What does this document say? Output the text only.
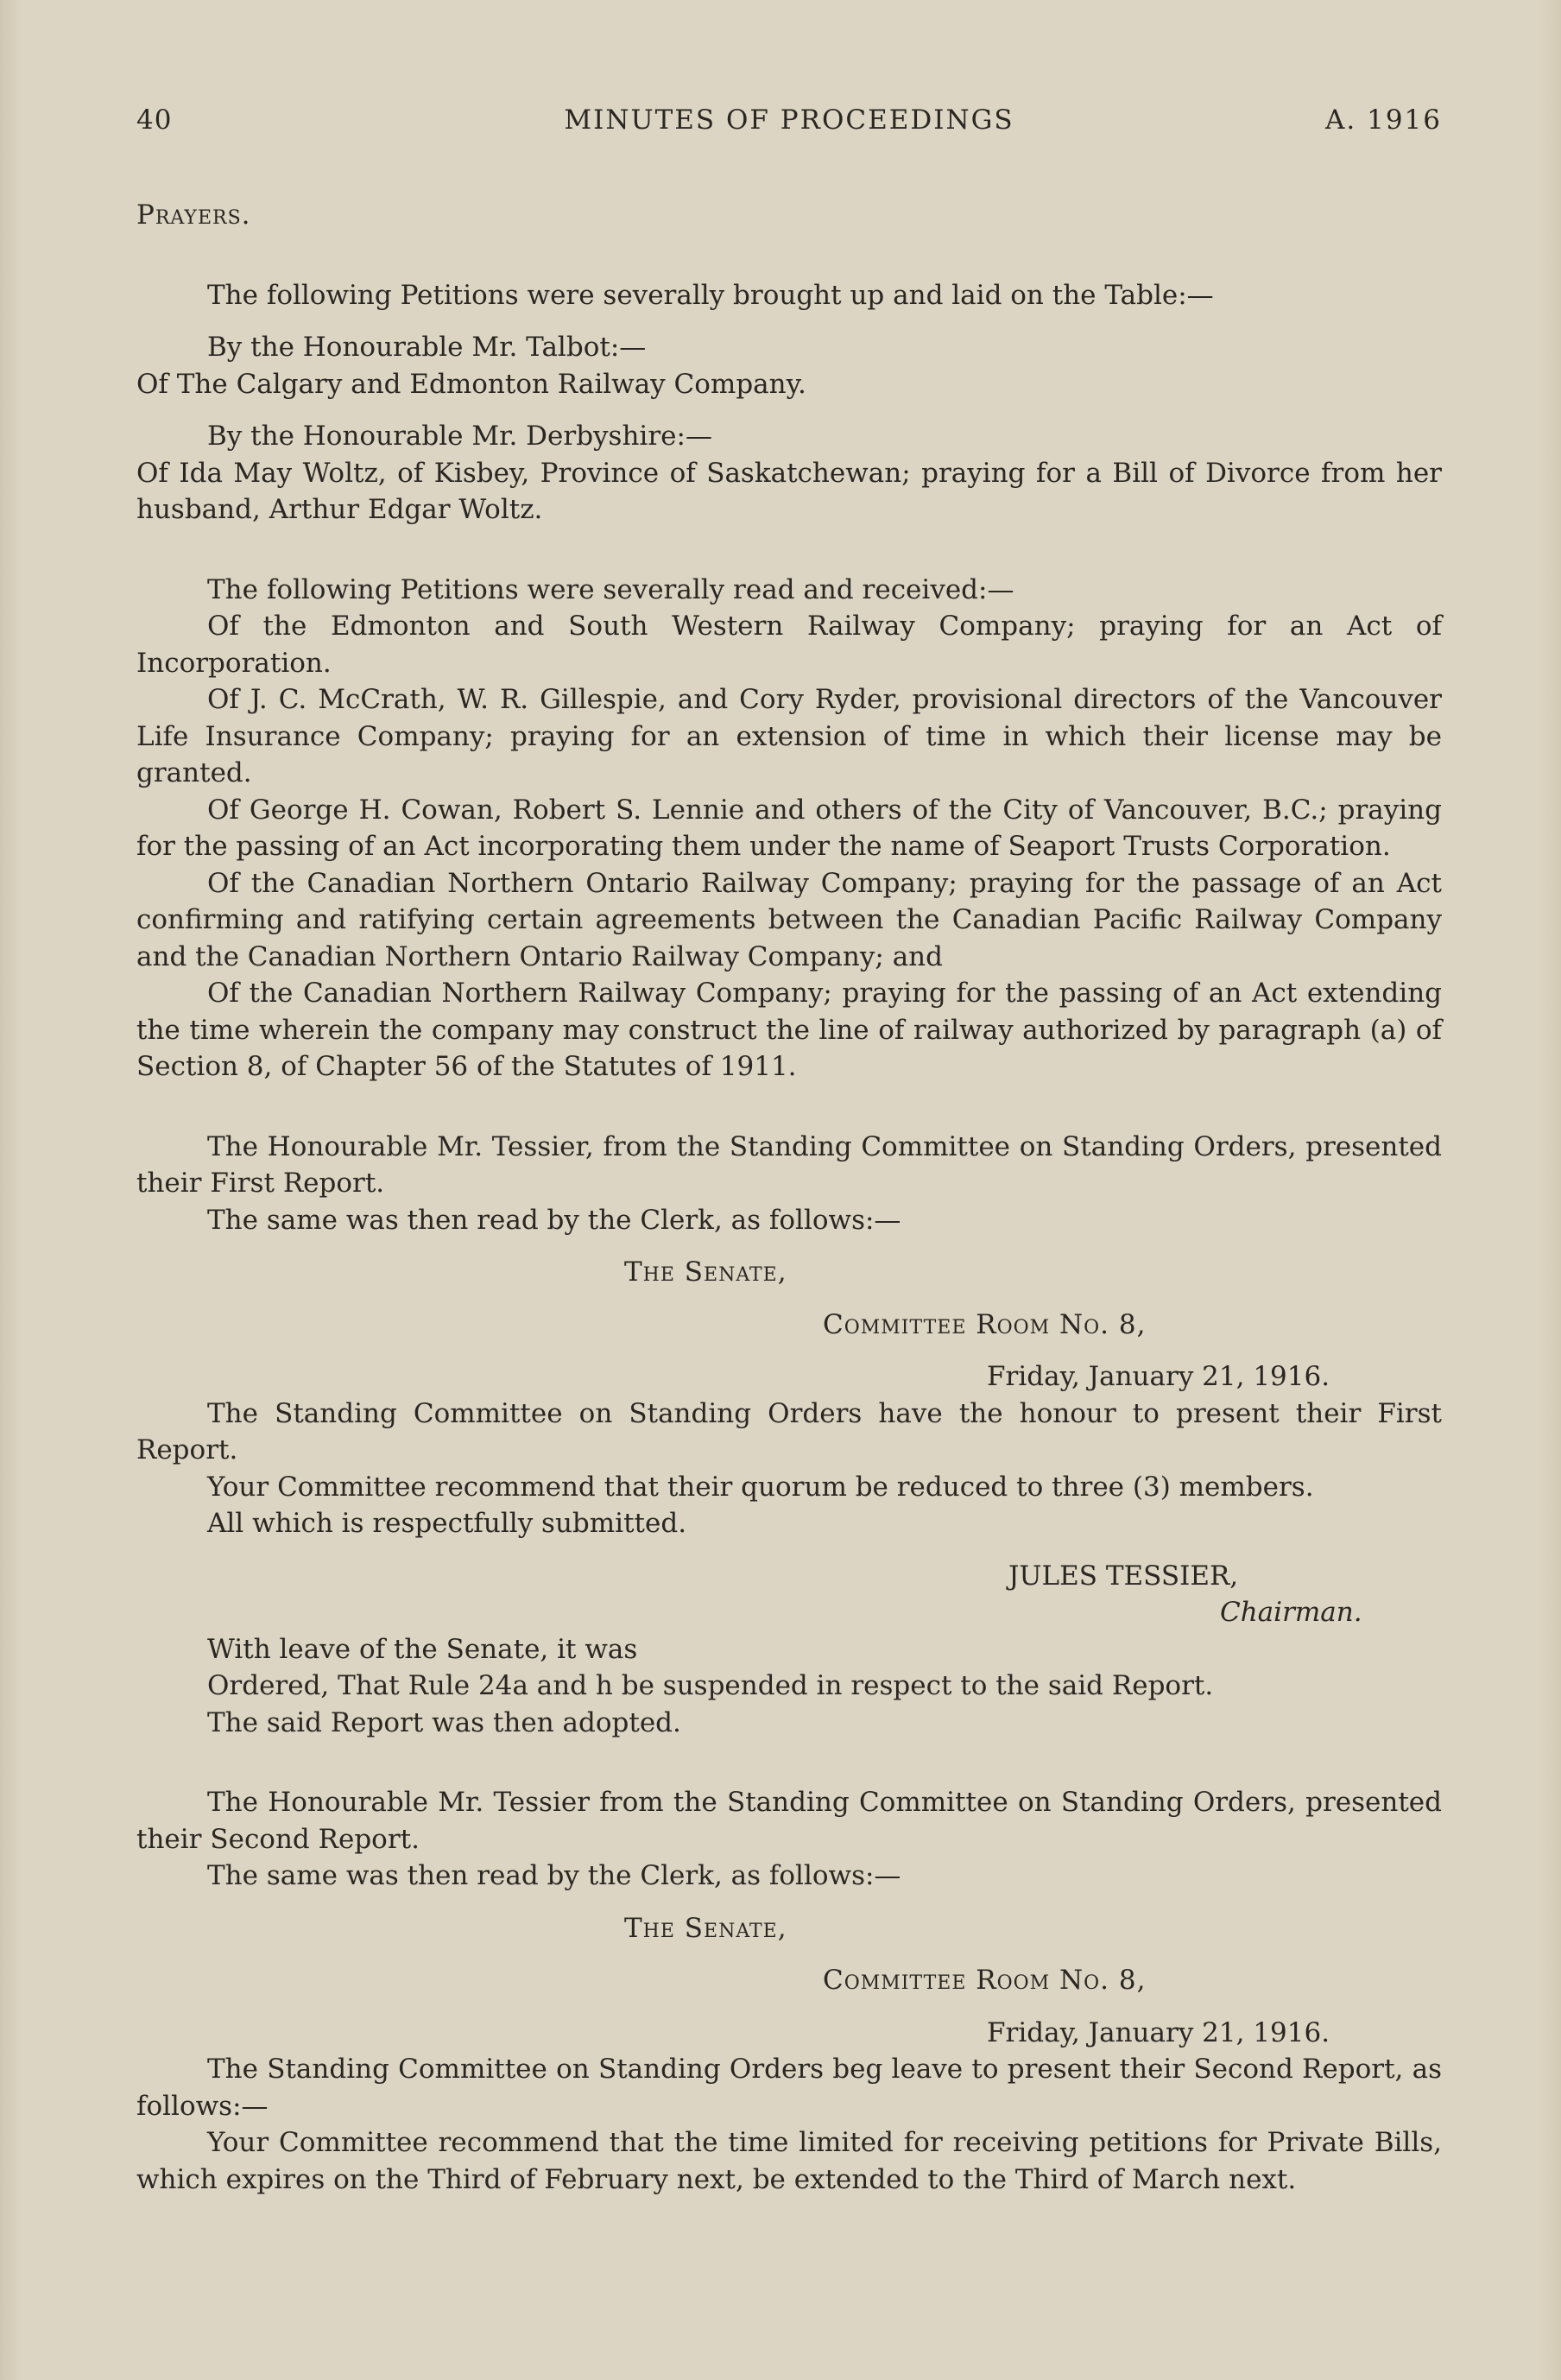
40	MINUTES OF PROCEEDINGS	A. 1916

Prayers.

The following Petitions were severally brought up and laid on the Table:—

By the Honourable Mr. Talbot:—

Of The Calgary and Edmonton Railway Company.

By the Honourable Mr. Derbyshire:—

Of Ida May Woltz, of Kisbey, Province of Saskatchewan; praying for a Bill of Divorce from her husband, Arthur Edgar Woltz.

The following Petitions were severally read and received:—

Of the Edmonton and South Western Railway Company; praying for an Act of Incorporation.

Of J. C. McCrath, W. R. Gillespie, and Cory Ryder, provisional directors of the Vancouver Life Insurance Company; praying for an extension of time in which their license may be granted.

Of George H. Cowan, Robert S. Lennie and others of the City of Vancouver, B.C.; praying for the passing of an Act incorporating them under the name of Seaport Trusts Corporation.

Of the Canadian Northern Ontario Railway Company; praying for the passage of an Act confirming and ratifying certain agreements between the Canadian Pacific Railway Company and the Canadian Northern Ontario Railway Company; and

Of the Canadian Northern Railway Company; praying for the passing of an Act extending the time wherein the company may construct the line of railway authorized by paragraph (a) of Section 8, of Chapter 56 of the Statutes of 1911.

The Honourable Mr. Tessier, from the Standing Committee on Standing Orders, presented their First Report.

The same was then read by the Clerk, as follows:—

The Senate,

Committee Room No. 8,

Friday, January 21, 1916.

The Standing Committee on Standing Orders have the honour to present their First Report.

Your Committee recommend that their quorum be reduced to three (3) members.

All which is respectfully submitted.

JULES TESSIER,

Chairman.

With leave of the Senate, it was

Ordered, That Rule 24a and h be suspended in respect to the said Report.

The said Report was then adopted.

The Honourable Mr. Tessier from the Standing Committee on Standing Orders, presented their Second Report.

The same was then read by the Clerk, as follows:—

The Senate,

Committee Room No. 8,

Friday, January 21, 1916.

The Standing Committee on Standing Orders beg leave to present their Second Report, as follows:—

Your Committee recommend that the time limited for receiving petitions for Private Bills, which expires on the Third of February next, be extended to the Third of March next.
